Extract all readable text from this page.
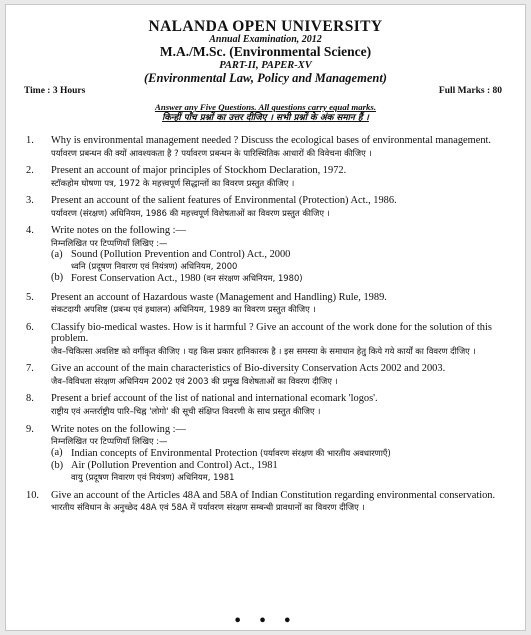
NALANDA OPEN UNIVERSITY
Annual Examination, 2012
M.A./M.Sc. (Environmental Science)
PART-II, PAPER-XV
(Environmental Law, Policy and Management)
Time : 3 Hours	Full Marks : 80
Answer any Five Questions. All questions carry equal marks.
किन्हीं पाँच प्रश्नों का उत्तर दीजिए । सभी प्रश्नों के अंक समान हैं ।
1. Why is environmental management needed ? Discuss the ecological bases of environmental management.
पर्यावरण प्रबन्धन की क्यों आवश्यकता है ? पर्यावरण प्रबन्धन के पारिस्थितिक आधारों की विवेचना कीजिए ।
2. Present an account of major principles of Stockhom Declaration, 1972.
स्टॉकहोम घोषणा पत्र, 1972 के महत्त्वपूर्ण सिद्धान्तों का विवरण प्रस्तुत कीजिए ।
3. Present an account of the salient features of Environmental (Protection) Act., 1986.
पर्यावरण (संरक्षण) अधिनियम, 1986 की महत्त्वपूर्ण विशेषताओं का विवरण प्रस्तुत कीजिए ।
4. Write notes on the following :—
निम्नलिखित पर टिप्पणियाँ लिखिए :—
(a) Sound (Pollution Prevention and Control) Act., 2000
ध्वनि (प्रदूषण निवारण एवं नियंत्रण) अधिनियम, 2000
(b) Forest Conservation Act., 1980 (वन संरक्षण अधिनियम, 1980)
5. Present an account of Hazardous waste (Management and Handling) Rule, 1989.
संकटदायी अपशिष्ट (प्रबन्ध एवं हथालन) अधिनियम, 1989 का विवरण प्रस्तुत कीजिए ।
6. Classify bio-medical wastes. How is it harmful ? Give an account of the work done for the solution of this problem.
जैव–चिकित्सा अवशिष्ट को वर्गीकृत कीजिए । यह किस प्रकार हानिकारक है । इस समस्या के समाधान हेतु किये गये कार्यों का विवरण दीजिए ।
7. Give an account of the main characteristics of Bio-diversity Conservation Acts 2002 and 2003.
जैव–विविधता संरक्षण अधिनियम 2002 एवं 2003 की प्रमुख विशेषताओं का विवरण दीजिए ।
8. Present a brief account of the list of national and international ecomark 'logos'.
राष्ट्रीय एवं अन्तर्राष्ट्रीय पारि–चिह्न 'लोगो' की सूची संक्षिप्त विवरणी के साथ प्रस्तुत कीजिए ।
9. Write notes on the following :—
निम्नलिखित पर टिप्पणियाँ लिखिए :—
(a) Indian concepts of Environmental Protection (पर्यावरण संरक्षण की भारतीय अवधारणाएँ)
(b) Air (Pollution Prevention and Control) Act., 1981
वायु (प्रदूषण निवारण एवं नियंत्रण) अधिनियम, 1981
10. Give an account of the Articles 48A and 58A of Indian Constitution regarding environmental conservation.
भारतीय संविधान के अनुच्छेद 48A एवं 58A में पर्यावरण संरक्षण सम्बन्धी प्रावधानों का विवरण दीजिए ।
• • •
